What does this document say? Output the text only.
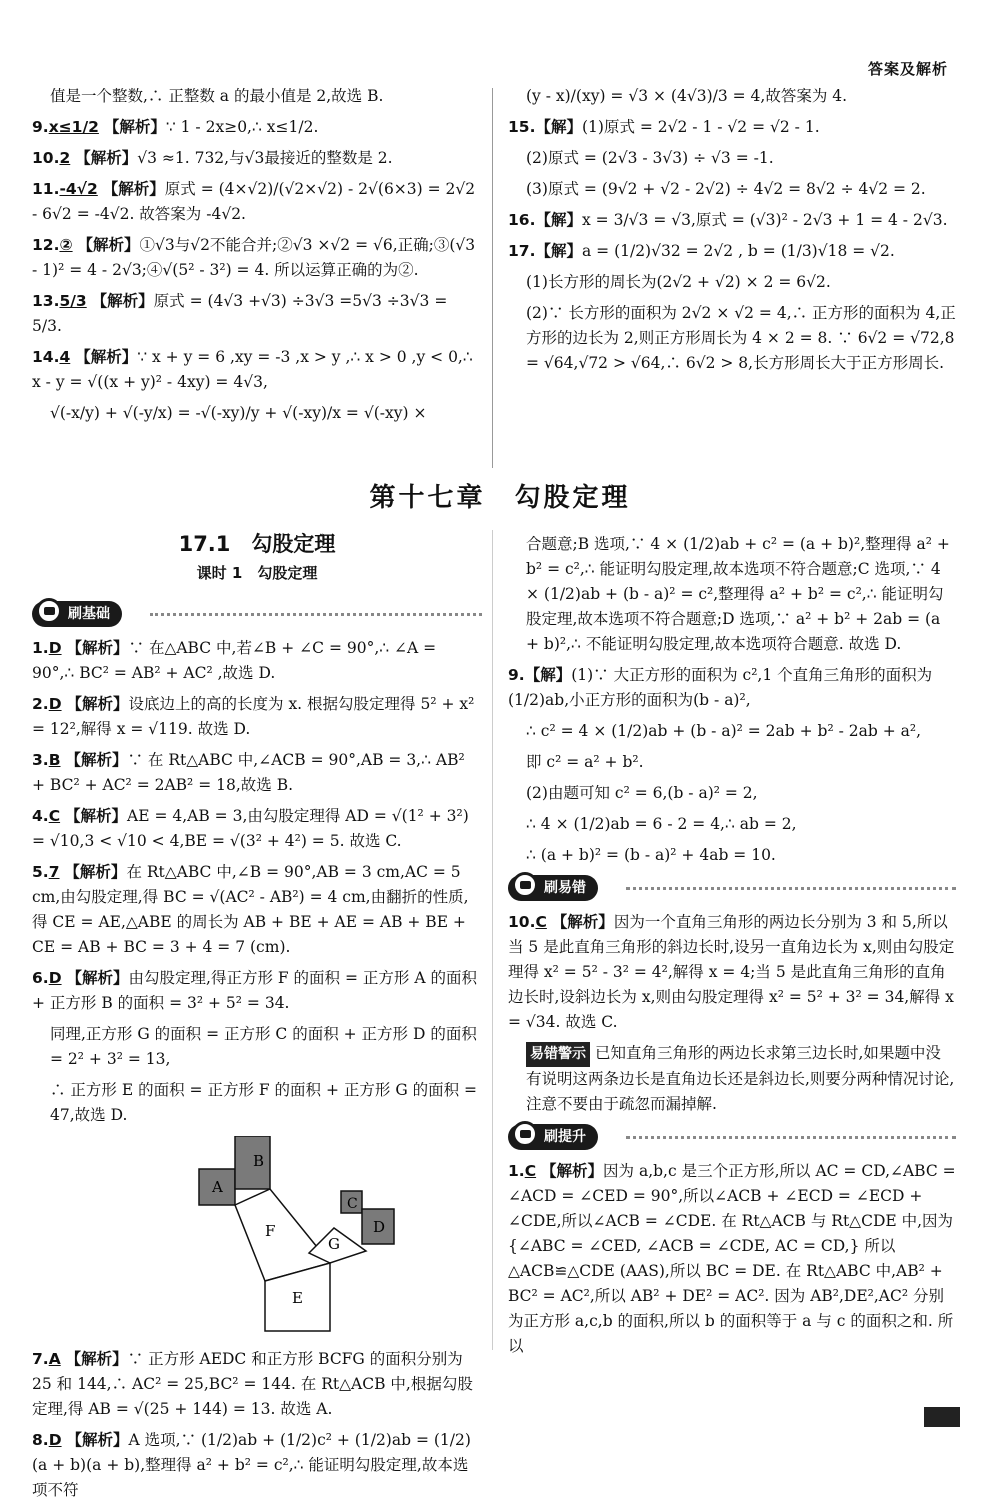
答案及解析
值是一个整数,∴ 正整数 a 的最小值是 2,故选 B.
9.x≤1/2 【解析】∵ 1 - 2x≥0,∴ x≤1/2.
10.2 【解析】√3 ≈1. 732,与√3最接近的整数是 2.
11.-4√2 【解析】原式 = (4×√2)/(√2×√2) - 2√(6×3) = 2√2 - 6√2 = -4√2. 故答案为 -4√2.
12.② 【解析】①√3与√2不能合并;②√3 ×√2 = √6,正确;③(√3 - 1)² = 4 - 2√3;④√(5² - 3²) = 4. 所以运算正确的为②.
13.5/3 【解析】原式 = (4√3 +√3) ÷3√3 =5√3 ÷3√3 = 5/3.
14.4 【解析】∵ x + y = 6 ,xy = -3 ,x > y ,∴ x > 0 ,y < 0,∴ x - y = √((x + y)² - 4xy) = 4√3,
√(-x/y) + √(-y/x) = -√(-xy)/y + √(-xy)/x = √(-xy) ×
(y - x)/(xy) = √3 × (4√3)/3 = 4,故答案为 4.
15.【解】(1)原式 = 2√2 - 1 - √2 = √2 - 1.
(2)原式 = (2√3 - 3√3) ÷ √3 = -1.
(3)原式 = (9√2 + √2 - 2√2) ÷ 4√2 = 8√2 ÷ 4√2 = 2.
16.【解】x = 3/√3 = √3,原式 = (√3)² - 2√3 + 1 = 4 - 2√3.
17.【解】a = (1/2)√32 = 2√2 , b = (1/3)√18 = √2.
(1)长方形的周长为(2√2 + √2) × 2 = 6√2.
(2)∵ 长方形的面积为 2√2 × √2 = 4,∴ 正方形的面积为 4,正方形的边长为 2,则正方形周长为 4 × 2 = 8. ∵ 6√2 = √72,8 = √64,√72 > √64,∴ 6√2 > 8,长方形周长大于正方形周长.
第十七章　勾股定理
17.1　勾股定理
课时 1　勾股定理
刷基础
1.D 【解析】∵ 在△ABC 中,若∠B + ∠C = 90°,∴ ∠A = 90°,∴ BC² = AB² + AC² ,故选 D.
2.D 【解析】设底边上的高的长度为 x. 根据勾股定理得 5² + x² = 12²,解得 x = √119. 故选 D.
3.B 【解析】∵ 在 Rt△ABC 中,∠ACB = 90°,AB = 3,∴ AB² + BC² + AC² = 2AB² = 18,故选 B.
4.C 【解析】AE = 4,AB = 3,由勾股定理得 AD = √(1² + 3²) = √10,3 < √10 < 4,BE = √(3² + 4²) = 5. 故选 C.
5.7 【解析】在 Rt△ABC 中,∠B = 90°,AB = 3 cm,AC = 5 cm,由勾股定理,得 BC = √(AC² - AB²) = 4 cm,由翻折的性质,得 CE = AE,△ABE 的周长为 AB + BE + AE = AB + BE + CE = AB + BC = 3 + 4 = 7 (cm).
6.D 【解析】由勾股定理,得正方形 F 的面积 = 正方形 A 的面积 + 正方形 B 的面积 = 3² + 5² = 34.
同理,正方形 G 的面积 = 正方形 C 的面积 + 正方形 D 的面积 = 2² + 3² = 13,
∴ 正方形 E 的面积 = 正方形 F 的面积 + 正方形 G 的面积 = 47,故选 D.
B
A
C
D
F
G
E
7.A 【解析】∵ 正方形 AEDC 和正方形 BCFG 的面积分别为 25 和 144,∴ AC² = 25,BC² = 144. 在 Rt△ACB 中,根据勾股定理,得 AB = √(25 + 144) = 13. 故选 A.
8.D 【解析】A 选项,∵ (1/2)ab + (1/2)c² + (1/2)ab = (1/2)(a + b)(a + b),整理得 a² + b² = c²,∴ 能证明勾股定理,故本选项不符
合题意;B 选项,∵ 4 × (1/2)ab + c² = (a + b)²,整理得 a² + b² = c²,∴ 能证明勾股定理,故本选项不符合题意;C 选项,∵ 4 × (1/2)ab + (b - a)² = c²,整理得 a² + b² = c²,∴ 能证明勾股定理,故本选项不符合题意;D 选项,∵ a² + b² + 2ab = (a + b)²,∴ 不能证明勾股定理,故本选项符合题意. 故选 D.
9.【解】(1)∵ 大正方形的面积为 c²,1 个直角三角形的面积为 (1/2)ab,小正方形的面积为(b - a)²,
∴ c² = 4 × (1/2)ab + (b - a)² = 2ab + b² - 2ab + a²,
即 c² = a² + b².
(2)由题可知 c² = 6,(b - a)² = 2,
∴ 4 × (1/2)ab = 6 - 2 = 4,∴ ab = 2,
∴ (a + b)² = (b - a)² + 4ab = 10.
刷易错
10.C 【解析】因为一个直角三角形的两边长分别为 3 和 5,所以当 5 是此直角三角形的斜边长时,设另一直角边长为 x,则由勾股定理得 x² = 5² - 3² = 4²,解得 x = 4;当 5 是此直角三角形的直角边长时,设斜边长为 x,则由勾股定理得 x² = 5² + 3² = 34,解得 x = √34. 故选 C.
易错警示 已知直角三角形的两边长求第三边长时,如果题中没有说明这两条边长是直角边长还是斜边长,则要分两种情况讨论,注意不要由于疏忽而漏掉解.
刷提升
1.C 【解析】因为 a,b,c 是三个正方形,所以 AC = CD,∠ABC = ∠ACD = ∠CED = 90°,所以∠ACB + ∠ECD = ∠ECD + ∠CDE,所以∠ACB = ∠CDE. 在 Rt△ACB 与 Rt△CDE 中,因为 {∠ABC = ∠CED, ∠ACB = ∠CDE, AC = CD,} 所以△ACB≌△CDE (AAS),所以 BC = DE. 在 Rt△ABC 中,AB² + BC² = AC²,所以 AB² + DE² = AC². 因为 AB²,DE²,AC² 分别为正方形 a,c,b 的面积,所以 b 的面积等于 a 与 c 的面积之和. 所以
